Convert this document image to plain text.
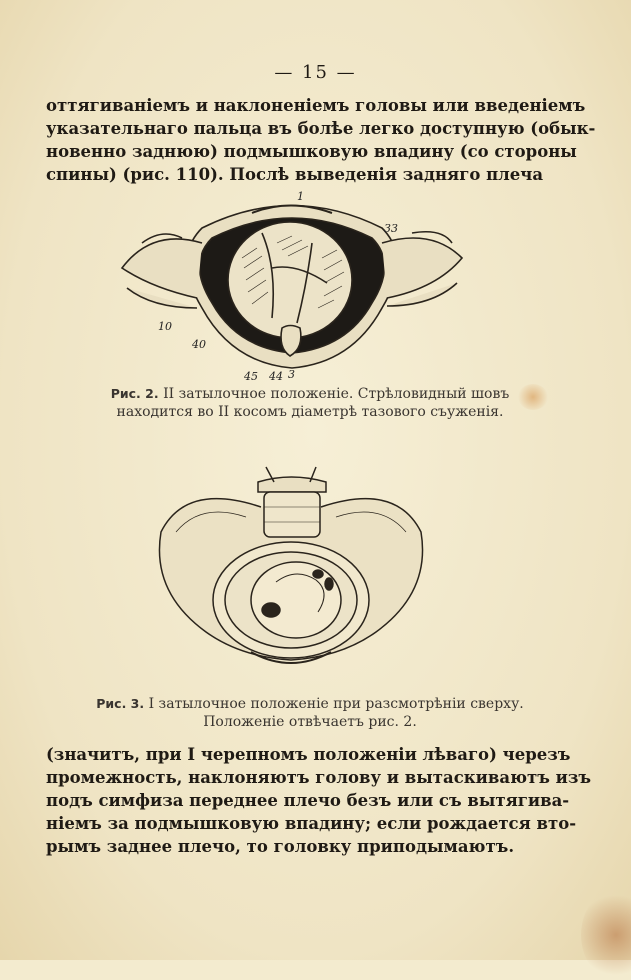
— 15 —
оттягиваніемъ и наклоненіемъ головы или введеніемъ
указательнаго пальца въ болѣе легко доступную (обык-
новенно заднюю) подмышковую впадину (со стороны
спины) (рис. 110). Послѣ выведенія задняго плеча
1
33
10
40
45 44 3
Рис. 2. II затылочное положеніе. Стрѣловидный шовъ
находится во II косомъ діаметрѣ тазового съуженія.
Рис. 3. I затылочное положеніе при разсмотрѣніи сверху.
Положеніе отвѣчаетъ рис. 2.
(значитъ, при I черепномъ положеніи лѣваго) черезъ
промежность, наклоняютъ голову и вытаскиваютъ изъ
подъ симфиза переднее плечо безъ или съ вытягива-
ніемъ за подмышковую впадину; если рождается вто-
рымъ заднее плечо, то головку приподымаютъ.
